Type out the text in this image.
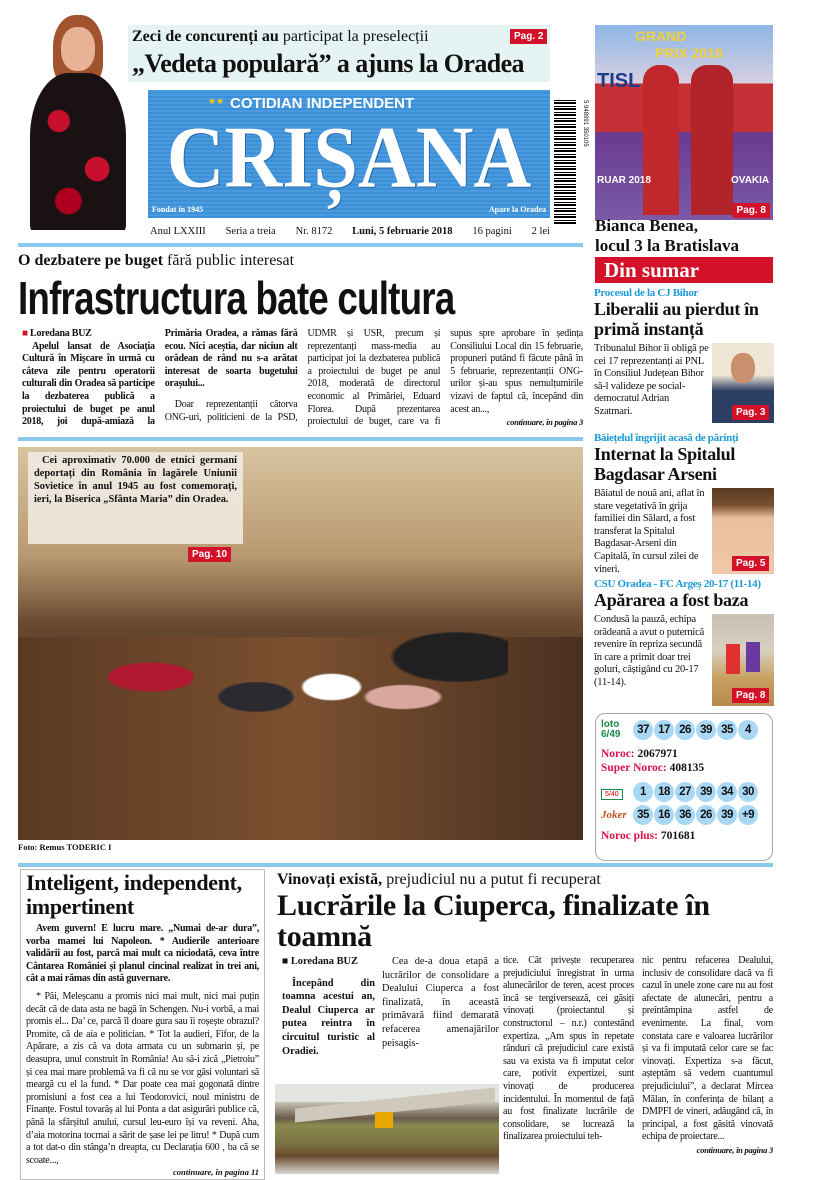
Zeci de concurenți au participat la preselecții
„Vedeta populară” a ajuns la Oradea
Pag. 2
★★ COTIDIAN INDEPENDENT
CRIȘANA
Fondat în 1945	Apare la Oradea
5 948991 350105
Anul LXXIII Seria a treia Nr. 8172 Luni, 5 februarie 2018 16 pagini 2 lei
GRAND
PRIX 2018
TISL
RUAR 2018	OVAKIA
Pag. 8
Bianca Benea,
locul 3 la Bratislava
O dezbatere pe buget fără public interesat
Infrastructura bate cultura
■ Loredana BUZ
Apelul lansat de Asociația Cultură în Mișcare în urmă cu câteva zile pentru operatorii culturali din Oradea să participe la dezbaterea publică a proiectului de buget pe anul 2018, joi după-amiază la Primăria Oradea, a rămas fără ecou. Nici aceștia, dar niciun alt orădean de rând nu s-a arătat interesat de soarta bugetului orașului...
Doar reprezentanții câtorva ONG-uri, politicieni de la PSD, UDMR și USR, precum și reprezentanți mass-media au participat joi la dezbaterea publică a proiectului de buget pe anul 2018, moderată de directorul economic al Primăriei, Eduard Florea. După prezentarea proiectului de buget, care va fi supus spre aprobare în ședința Consiliului Local din 15 februarie, propuneri putând fi făcute până în 5 februarie, reprezentanții ONG-urilor și-au spus nemulțumirile vizavi de faptul că, începând din acest an...,
continuare, în pagina 3
Cei aproximativ 70.000 de etnici germani deportați din România în lagărele Uniunii Sovietice în anul 1945 au fost comemorați, ieri, la Biserica „Sfânta Maria” din Oradea.
Pag. 10
Foto: Remus TODERIC I
Din sumar
Procesul de la CJ Bihor
Liberalii au pierdut în primă instanță
Tribunalul Bihor îi obligă pe cei 17 reprezentanți ai PNL în Consiliul Județean Bihor să-l valideze pe social-democratul Adrian Szatmari.	Pag. 3
Băiețelul îngrijit acasă de părinți
Internat la Spitalul Bagdasar Arseni
Băiatul de nouă ani, aflat în stare vegetativă în grija familiei din Sălard, a fost transferat la Spitalul Bagdasar-Arseni din Capitală, în cursul zilei de vineri.
Pag. 5
CSU Oradea - FC Argeș 20-17 (11-14)
Apărarea a fost baza
Condusă la pauză, echipa orădeană a avut o puternică revenire în repriza secundă în care a primit doar trei goluri, câștigând cu 20-17 (11-14).
Pag. 8
loto 6/49	37 17 26 39 35 4
Noroc: 2067971
Super Noroc: 408135
5/40	1 18 27 39 34 30
Joker 35 16 36 26 39 +9
Noroc plus: 701681
Inteligent, independent, impertinent
Avem guvern! E lucru mare. „Numai de-ar dura”, vorba mamei lui Napoleon. * Audierile anterioare validării au fost, parcă mai mult ca niciodată, ceva între Cântarea României și planul cincinal realizat în trei ani, cât a mai rămas din astă guvernare.
* Păi, Meleșcanu a promis nici mai mult, nici mai puțin decât că de data asta ne bagă în Schengen. Nu-i vorbă, a mai promis el... Da’ ce, parcă îl doare gura sau îi roșește obrazul? Promite, că de aia e politician. * Tot la audieri, Fifor, de la Apărare, a zis că va dota armata cu un submarin și, pe deasupra, unul construit în România! Au să-i zică „Pietroiu” și cea mai mare problemă va fi că nu se vor găsi voluntari să meargă cu el la fund. * Dar poate cea mai gogonată dintre promisiuni a fost cea a lui Teodorovici, noul ministru de Finanțe. Fostul tovarăș al lui Ponta a dat asigurări publice că, până la sfârșitul anului, cursul leu-euro își va reveni. Aha, d’aia motorina tocmai a sărit de șase lei pe litru! * După cum a tot dat-o din stânga’n dreapta, cu Declarația 600 , ba că se scoate...,
continuare, în pagina 11
Vinovați există, prejudiciul nu a putut fi recuperat
Lucrările la Ciuperca, finalizate în toamnă
■ Loredana BUZ
Începând din toamna acestui an, Dealul Ciuperca ar putea reintra în circuitul turistic al Oradiei.
Cea de-a doua etapă a lucrărilor de consolidare a Dealului Ciuperca a fost finalizată, în această primăvară fiind demarată refacerea amenajărilor peisagis-
tice. Cât privește recuperarea prejudiciului înregistrat în urma alunecărilor de teren, acest proces încă se tergiversează, cei găsiți vinovați (proiectantul și constructorul – n.r.) contestând expertiza. „Am spus în repetate rânduri că prejudiciul care există sau va exista va fi imputat celor care, potivit expertizei, sunt vinovați de producerea incidentului. În momentul de față au fost finalizate lucrările de consolidare, se lucrează la finalizarea proiectului teh-
nic pentru refacerea Dealului, inclusiv de consolidare dacă va fi cazul în unele zone care nu au fost afectate de alunecări, pentru a preîntâmpina astfel de evenimente. La final, vom constata care e valoarea lucrărilor și va fi imputată celor care se fac vinovați. Expertiza s-a făcut, așteptăm să vedem cuantumul prejudiciului”, a declarat Mircea Mălan, în conferința de bilanț a DMPFI de vineri, adăugând că, în principal, a fost găsită vinovată echipa de proiectare...
continuare, în pagina 3
